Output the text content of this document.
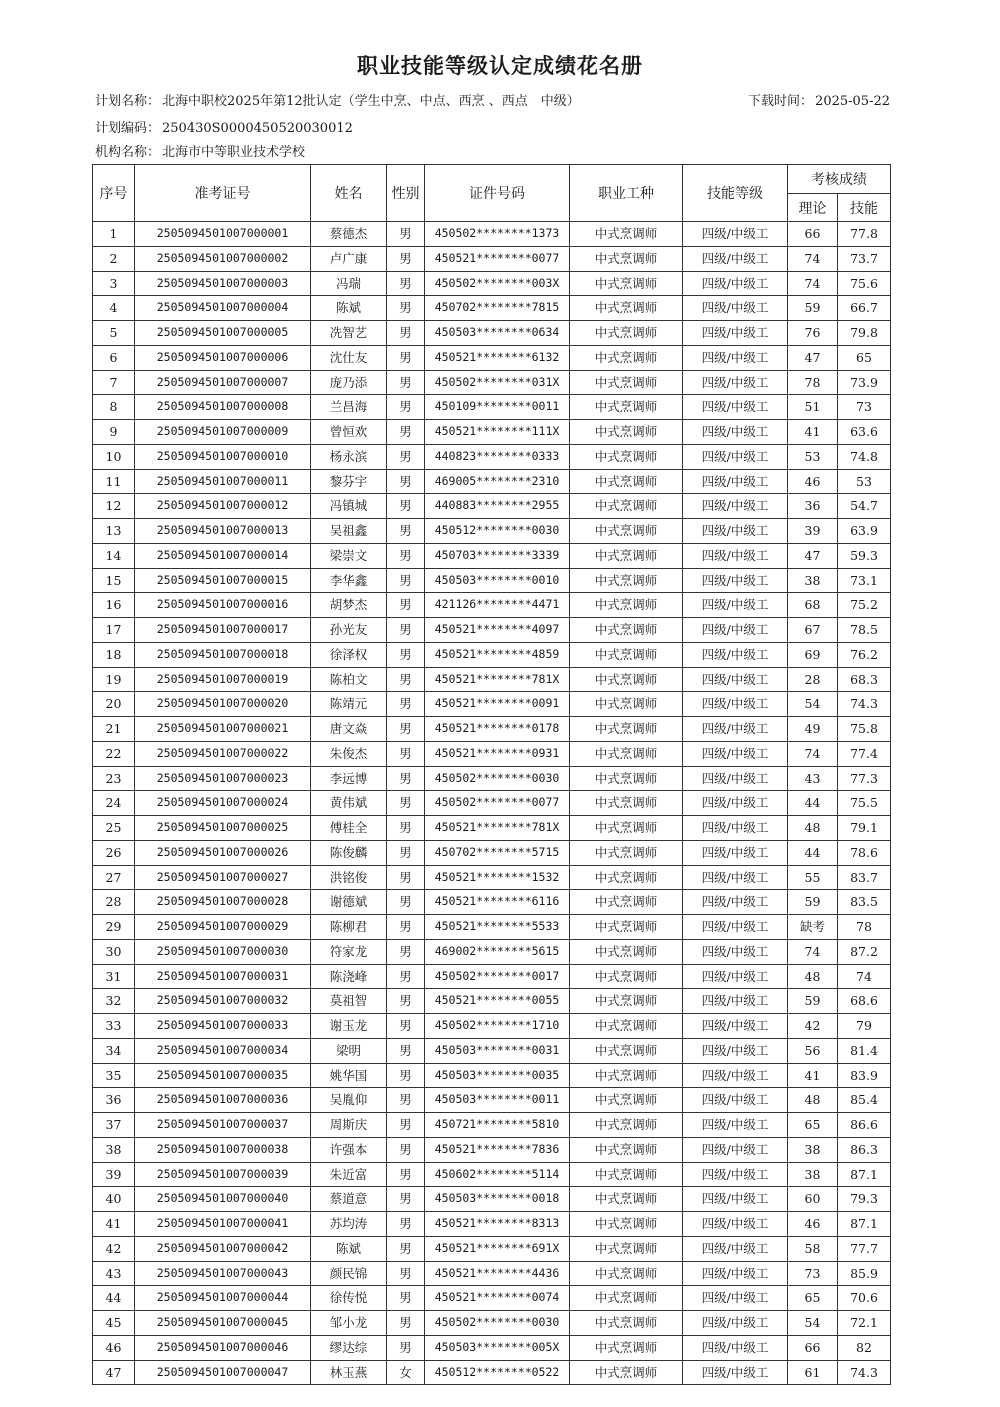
职业技能等级认定成绩花名册
计划名称： 北海中职校2025年第12批认定（学生中烹、中点、西烹 、西点　中级）	下载时间： 2025-05-22
计划编码： 250430S0000450520030012
机构名称： 北海市中等职业技术学校
序号	准考证号	姓名	性别	证件号码	职业工种	技能等级	考核成绩	
							理论	技能
1	2505094501007000001	蔡德杰	男	450502********1373	中式烹调师	四级/中级工	66	77.8
2	2505094501007000002	卢广康	男	450521********0077	中式烹调师	四级/中级工	74	73.7
3	2505094501007000003	冯瑞	男	450502********003X	中式烹调师	四级/中级工	74	75.6
4	2505094501007000004	陈斌	男	450702********7815	中式烹调师	四级/中级工	59	66.7
5	2505094501007000005	冼智艺	男	450503********0634	中式烹调师	四级/中级工	76	79.8
6	2505094501007000006	沈仕友	男	450521********6132	中式烹调师	四级/中级工	47	65
7	2505094501007000007	庞乃添	男	450502********031X	中式烹调师	四级/中级工	78	73.9
8	2505094501007000008	兰昌海	男	450109********0011	中式烹调师	四级/中级工	51	73
9	2505094501007000009	曾恒欢	男	450521********111X	中式烹调师	四级/中级工	41	63.6
10	2505094501007000010	杨永滨	男	440823********0333	中式烹调师	四级/中级工	53	74.8
11	2505094501007000011	黎芬宇	男	469005********2310	中式烹调师	四级/中级工	46	53
12	2505094501007000012	冯镇城	男	440883********2955	中式烹调师	四级/中级工	36	54.7
13	2505094501007000013	吴祖鑫	男	450512********0030	中式烹调师	四级/中级工	39	63.9
14	2505094501007000014	梁崇文	男	450703********3339	中式烹调师	四级/中级工	47	59.3
15	2505094501007000015	李华鑫	男	450503********0010	中式烹调师	四级/中级工	38	73.1
16	2505094501007000016	胡梦杰	男	421126********4471	中式烹调师	四级/中级工	68	75.2
17	2505094501007000017	孙光友	男	450521********4097	中式烹调师	四级/中级工	67	78.5
18	2505094501007000018	徐泽权	男	450521********4859	中式烹调师	四级/中级工	69	76.2
19	2505094501007000019	陈柏文	男	450521********781X	中式烹调师	四级/中级工	28	68.3
20	2505094501007000020	陈靖元	男	450521********0091	中式烹调师	四级/中级工	54	74.3
21	2505094501007000021	唐文焱	男	450521********0178	中式烹调师	四级/中级工	49	75.8
22	2505094501007000022	朱俊杰	男	450521********0931	中式烹调师	四级/中级工	74	77.4
23	2505094501007000023	李远博	男	450502********0030	中式烹调师	四级/中级工	43	77.3
24	2505094501007000024	黄伟斌	男	450502********0077	中式烹调师	四级/中级工	44	75.5
25	2505094501007000025	傅桂全	男	450521********781X	中式烹调师	四级/中级工	48	79.1
26	2505094501007000026	陈俊麟	男	450702********5715	中式烹调师	四级/中级工	44	78.6
27	2505094501007000027	洪铭俊	男	450521********1532	中式烹调师	四级/中级工	55	83.7
28	2505094501007000028	谢德斌	男	450521********6116	中式烹调师	四级/中级工	59	83.5
29	2505094501007000029	陈柳君	男	450521********5533	中式烹调师	四级/中级工	缺考	78
30	2505094501007000030	符家龙	男	469002********5615	中式烹调师	四级/中级工	74	87.2
31	2505094501007000031	陈浇峰	男	450502********0017	中式烹调师	四级/中级工	48	74
32	2505094501007000032	莫祖智	男	450521********0055	中式烹调师	四级/中级工	59	68.6
33	2505094501007000033	谢玉龙	男	450502********1710	中式烹调师	四级/中级工	42	79
34	2505094501007000034	梁明	男	450503********0031	中式烹调师	四级/中级工	56	81.4
35	2505094501007000035	姚华国	男	450503********0035	中式烹调师	四级/中级工	41	83.9
36	2505094501007000036	吴胤仰	男	450503********0011	中式烹调师	四级/中级工	48	85.4
37	2505094501007000037	周斯庆	男	450721********5810	中式烹调师	四级/中级工	65	86.6
38	2505094501007000038	许强本	男	450521********7836	中式烹调师	四级/中级工	38	86.3
39	2505094501007000039	朱近富	男	450602********5114	中式烹调师	四级/中级工	38	87.1
40	2505094501007000040	蔡道意	男	450503********0018	中式烹调师	四级/中级工	60	79.3
41	2505094501007000041	苏均涛	男	450521********8313	中式烹调师	四级/中级工	46	87.1
42	2505094501007000042	陈斌	男	450521********691X	中式烹调师	四级/中级工	58	77.7
43	2505094501007000043	颜民锦	男	450521********4436	中式烹调师	四级/中级工	73	85.9
44	2505094501007000044	徐传悦	男	450521********0074	中式烹调师	四级/中级工	65	70.6
45	2505094501007000045	邹小龙	男	450502********0030	中式烹调师	四级/中级工	54	72.1
46	2505094501007000046	缪达综	男	450503********005X	中式烹调师	四级/中级工	66	82
47	2505094501007000047	林玉燕	女	450512********0522	中式烹调师	四级/中级工	61	74.3
